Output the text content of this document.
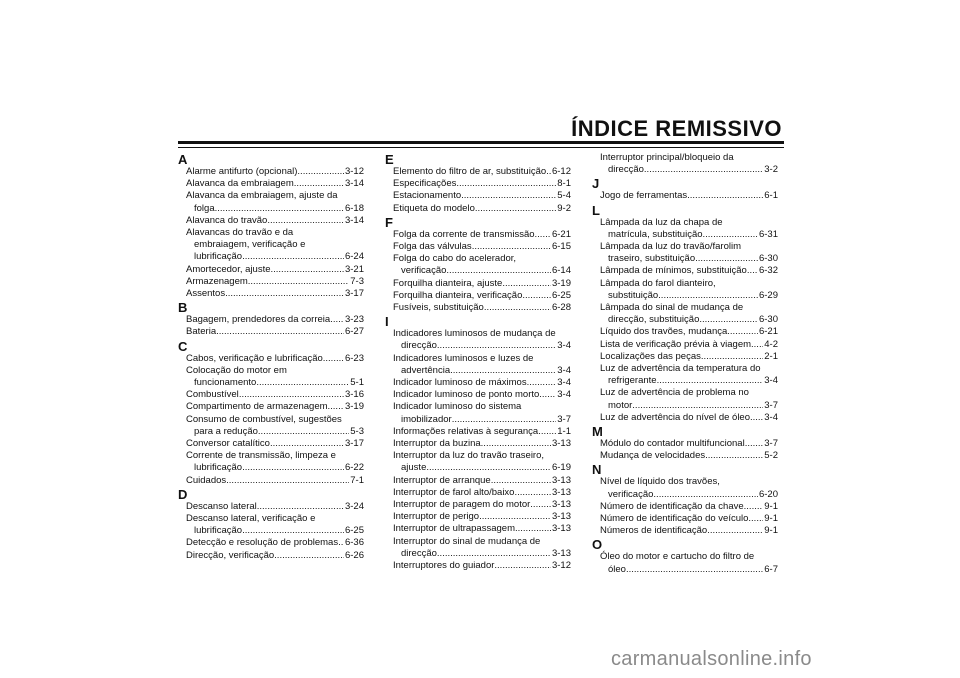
ÍNDICE REMISSIVO
A
Alarme antifurto (opcional) .....	3-12
Alavanca da embraiagem .....	3-14
Alavanca da embraiagem, ajuste da
folga .....	6-18
Alavanca do travão .....	3-14
Alavancas do travão e da
embraiagem, verificação e
lubrificação .....	6-24
Amortecedor, ajuste .....	3-21
Armazenagem .....	7-3
Assentos .....	3-17
B
Bagagem, prendedores da correia ..... 3-23
Bateria .....	6-27
C
Cabos, verificação e lubrificação ..... 6-23
Colocação do motor em
funcionamento .....	5-1
Combustível .....	3-16
Compartimento de armazenagem ..... 3-19
Consumo de combustível, sugestões
para a redução .....	5-3
Conversor catalítico .....	3-17
Corrente de transmissão, limpeza e
lubrificação .....	6-22
Cuidados .....	7-1
D
Descanso lateral .....	3-24
Descanso lateral, verificação e
lubrificação .....	6-25
Detecção e resolução de problemas ..... 6-36
Direcção, verificação .....	6-26
E
Elemento do filtro de ar, substituição ..... 6-12
Especificações .....	8-1
Estacionamento .....	5-4
Etiqueta do modelo .....	9-2
F
Folga da corrente de transmissão ..... 6-21
Folga das válvulas .....	6-15
Folga do cabo do acelerador,
verificação .....	6-14
Forquilha dianteira, ajuste .....	3-19
Forquilha dianteira, verificação .....	6-25
Fusíveis, substituição .....	6-28
I
Indicadores luminosos de mudança de
direcção .....	3-4
Indicadores luminosos e luzes de
advertência .....	3-4
Indicador luminoso de máximos .....	3-4
Indicador luminoso de ponto morto ..... 3-4
Indicador luminoso do sistema
imobilizador .....	3-7
Informações relativas à segurança ..... 1-1
Interruptor da buzina .....	3-13
Interruptor da luz do travão traseiro,
ajuste .....	6-19
Interruptor de arranque .....	3-13
Interruptor de farol alto/baixo .....	3-13
Interruptor de paragem do motor ..... 3-13
Interruptor de perigo .....	3-13
Interruptor de ultrapassagem .....	3-13
Interruptor do sinal de mudança de
direcção .....	3-13
Interruptores do guiador .....	3-12
Interruptor principal/bloqueio da
direcção .....	3-2
J
Jogo de ferramentas .....	6-1
L
Lâmpada da luz da chapa de
matrícula, substituição .....	6-31
Lâmpada da luz do travão/farolim
traseiro, substituição .....	6-30
Lâmpada de mínimos, substituição ..... 6-32
Lâmpada do farol dianteiro,
substituição .....	6-29
Lâmpada do sinal de mudança de
direcção, substituição .....	6-30
Líquido dos travões, mudança .....	6-21
Lista de verificação prévia à viagem ..... 4-2
Localizações das peças .....	2-1
Luz de advertência da temperatura do
refrigerante .....	3-4
Luz de advertência de problema no
motor .....	3-7
Luz de advertência do nível de óleo ..... 3-4
M
Módulo do contador multifuncional ..... 3-7
Mudança de velocidades .....	5-2
N
Nível de líquido dos travões,
verificação .....	6-20
Número de identificação da chave ..... 9-1
Número de identificação do veículo ..... 9-1
Números de identificação .....	9-1
O
Óleo do motor e cartucho do filtro de
óleo .....	6-7
carmanualsonline.info
